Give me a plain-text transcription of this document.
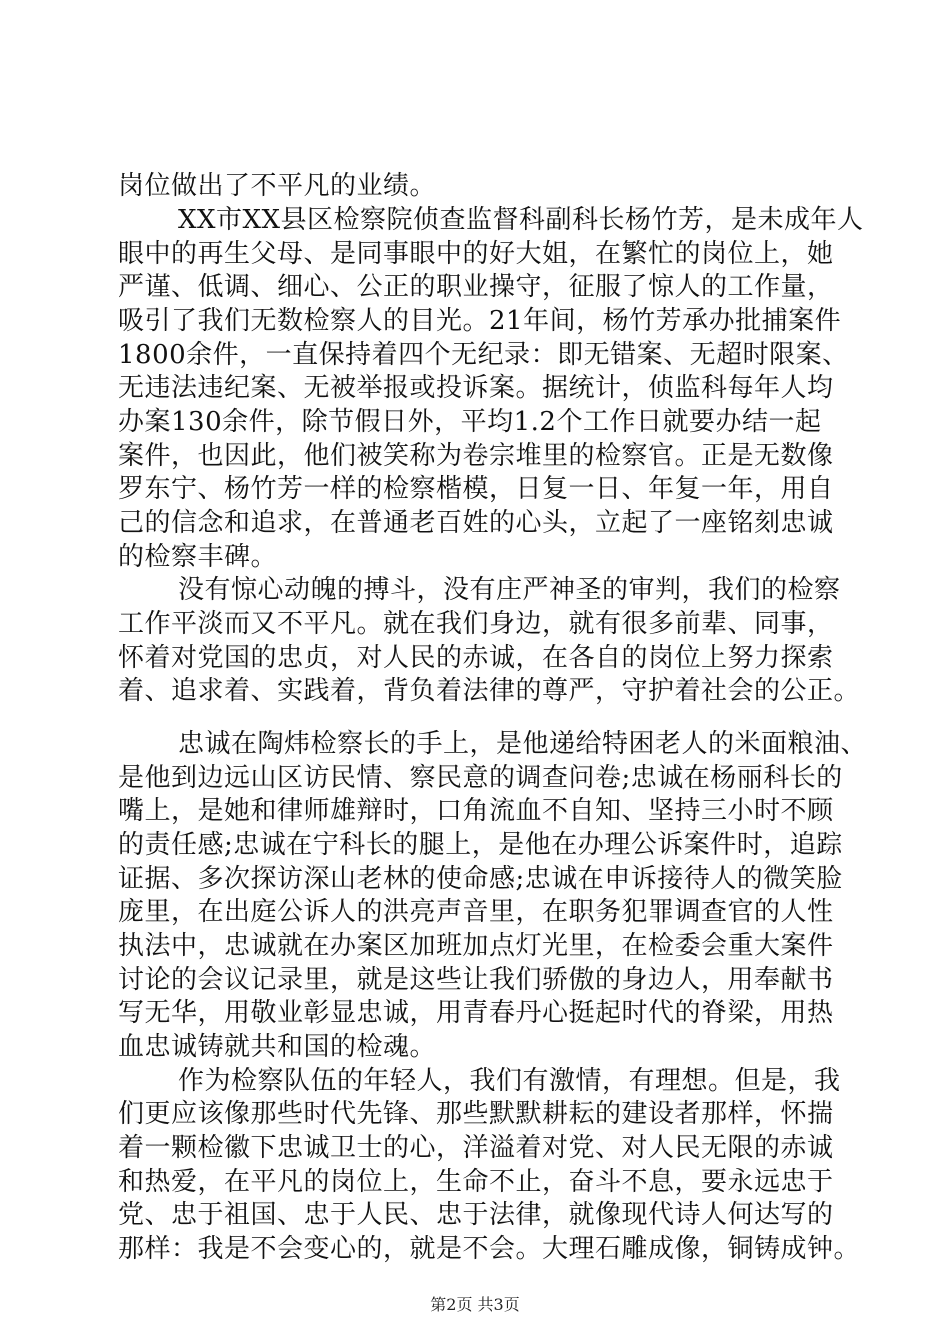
岗位做出了不平凡的业绩。
XX市XX县区检察院侦查监督科副科长杨竹芳，是未成年人
眼中的再生父母、是同事眼中的好大姐，在繁忙的岗位上，她
严谨、低调、细心、公正的职业操守，征服了惊人的工作量，
吸引了我们无数检察人的目光。21年间，杨竹芳承办批捕案件
1800余件，一直保持着四个无纪录：即无错案、无超时限案、
无违法违纪案、无被举报或投诉案。据统计，侦监科每年人均
办案130余件，除节假日外，平均1.2个工作日就要办结一起
案件，也因此，他们被笑称为卷宗堆里的检察官。正是无数像
罗东宁、杨竹芳一样的检察楷模，日复一日、年复一年，用自
己的信念和追求，在普通老百姓的心头，立起了一座铭刻忠诚
的检察丰碑。
没有惊心动魄的搏斗，没有庄严神圣的审判，我们的检察
工作平淡而又不平凡。就在我们身边，就有很多前辈、同事，
怀着对党国的忠贞，对人民的赤诚，在各自的岗位上努力探索
着、追求着、实践着，背负着法律的尊严，守护着社会的公正。
忠诚在陶炜检察长的手上，是他递给特困老人的米面粮油、
是他到边远山区访民情、察民意的调查问卷;忠诚在杨丽科长的
嘴上，是她和律师雄辩时，口角流血不自知、坚持三小时不顾
的责任感;忠诚在宁科长的腿上，是他在办理公诉案件时，追踪
证据、多次探访深山老林的使命感;忠诚在申诉接待人的微笑脸
庞里，在出庭公诉人的洪亮声音里，在职务犯罪调查官的人性
执法中，忠诚就在办案区加班加点灯光里，在检委会重大案件
讨论的会议记录里，就是这些让我们骄傲的身边人，用奉献书
写无华，用敬业彰显忠诚，用青春丹心挺起时代的脊梁，用热
血忠诚铸就共和国的检魂。
作为检察队伍的年轻人，我们有激情，有理想。但是，我
们更应该像那些时代先锋、那些默默耕耘的建设者那样，怀揣
着一颗检徽下忠诚卫士的心，洋溢着对党、对人民无限的赤诚
和热爱，在平凡的岗位上，生命不止，奋斗不息，要永远忠于
党、忠于祖国、忠于人民、忠于法律，就像现代诗人何达写的
那样：我是不会变心的，就是不会。大理石雕成像，铜铸成钟。
第2页 共3页
